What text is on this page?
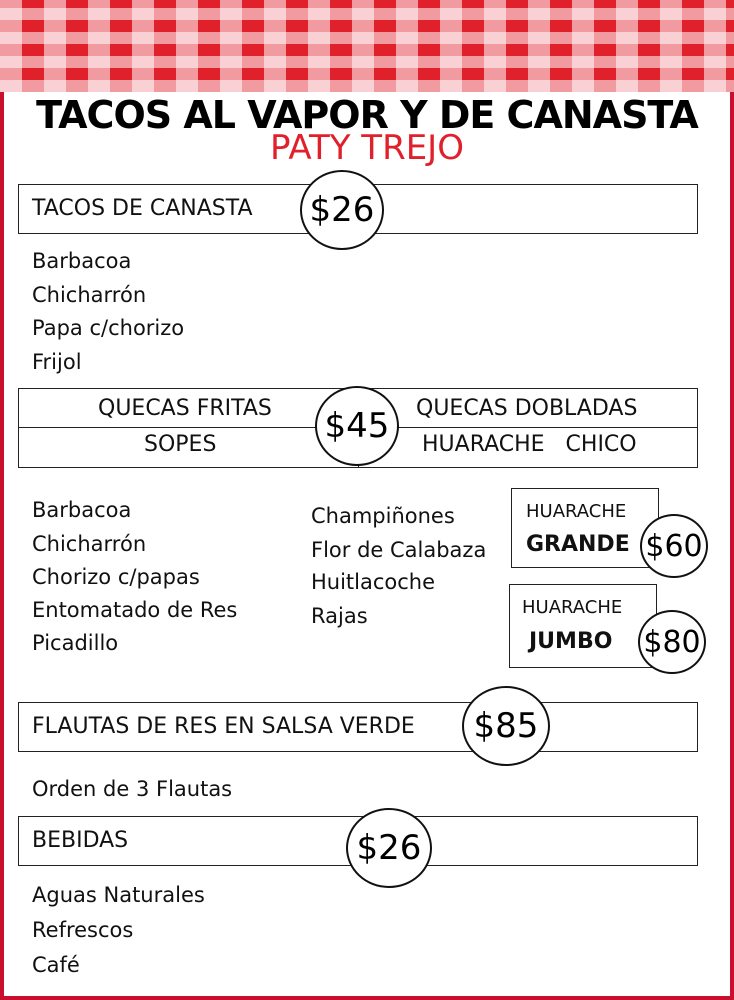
TACOS AL VAPOR Y DE CANASTA
PATY TREJO
TACOS DE CANASTA $26
Barbacoa
Chicharrón
Papa c/chorizo
Frijol
QUECAS FRITAS	QUECAS DOBLADAS
SOPES	HUARACHE   CHICO
$45
Barbacoa
Chicharrón
Chorizo c/papas
Entomatado de Res
Picadillo
Champiñones
Flor de Calabaza
Huitlacoche
Rajas
HUARACHE
GRANDE $60
HUARACHE
JUMBO $80
FLAUTAS DE RES EN SALSA VERDE	$85
Orden de 3 Flautas
BEBIDAS	$26
Aguas Naturales
Refrescos
Café
